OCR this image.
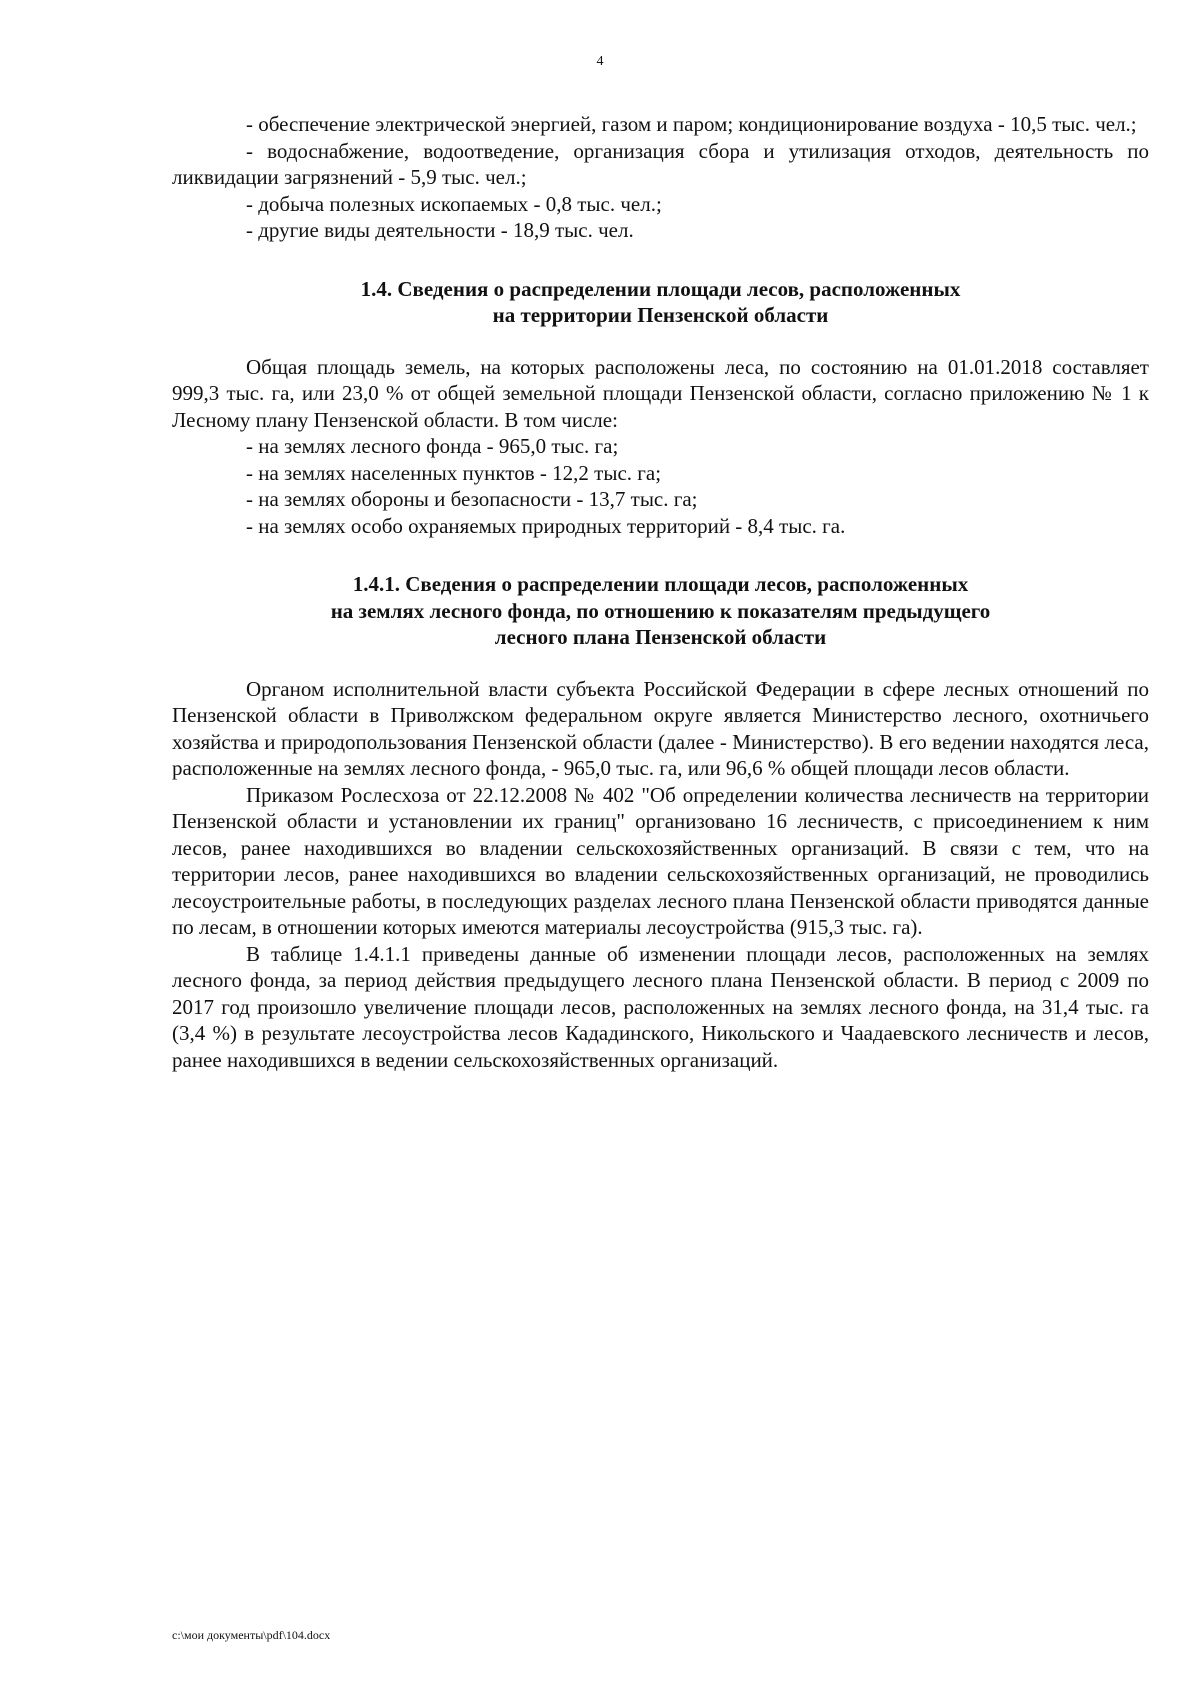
4

- обеспечение электрической энергией, газом и паром; кондиционирование воздуха - 10,5 тыс. чел.;

- водоснабжение, водоотведение, организация сбора и утилизация отходов, деятельность по ликвидации загрязнений - 5,9 тыс. чел.;

- добыча полезных ископаемых - 0,8 тыс. чел.;

- другие виды деятельности - 18,9 тыс. чел.

1.4. Сведения о распределении площади лесов, расположенных
на территории Пензенской области

Общая площадь земель, на которых расположены леса, по состоянию на 01.01.2018 составляет 999,3 тыс. га, или 23,0 % от общей земельной площади Пензенской области, согласно приложению № 1 к Лесному плану Пензенской области. В том числе:

- на землях лесного фонда - 965,0 тыс. га;

- на землях населенных пунктов - 12,2 тыс. га;

- на землях обороны и безопасности - 13,7 тыс. га;

- на землях особо охраняемых природных территорий - 8,4 тыс. га.

1.4.1. Сведения о распределении площади лесов, расположенных
на землях лесного фонда, по отношению к показателям предыдущего
лесного плана Пензенской области

Органом исполнительной власти субъекта Российской Федерации в сфере лесных отношений по Пензенской области в Приволжском федеральном округе является Министерство лесного, охотничьего хозяйства и природопользования Пензенской области (далее - Министерство). В его ведении находятся леса, расположенные на землях лесного фонда, - 965,0 тыс. га, или 96,6 % общей площади лесов области.

Приказом Рослесхоза от 22.12.2008 № 402 "Об определении количества лесничеств на территории Пензенской области и установлении их границ" организовано 16 лесничеств, с присоединением к ним лесов, ранее находившихся во владении сельскохозяйственных организаций. В связи с тем, что на территории лесов, ранее находившихся во владении сельскохозяйственных организаций, не проводились лесоустроительные работы, в последующих разделах лесного плана Пензенской области приводятся данные по лесам, в отношении которых имеются материалы лесоустройства (915,3 тыс. га).

В таблице 1.4.1.1 приведены данные об изменении площади лесов, расположенных на землях лесного фонда, за период действия предыдущего лесного плана Пензенской области. В период с 2009 по 2017 год произошло увеличение площади лесов, расположенных на землях лесного фонда, на 31,4 тыс. га (3,4 %) в результате лесоустройства лесов Кададинского, Никольского и Чаадаевского лесничеств и лесов, ранее находившихся в ведении сельскохозяйственных организаций.

c:\мои документы\pdf\104.docx
